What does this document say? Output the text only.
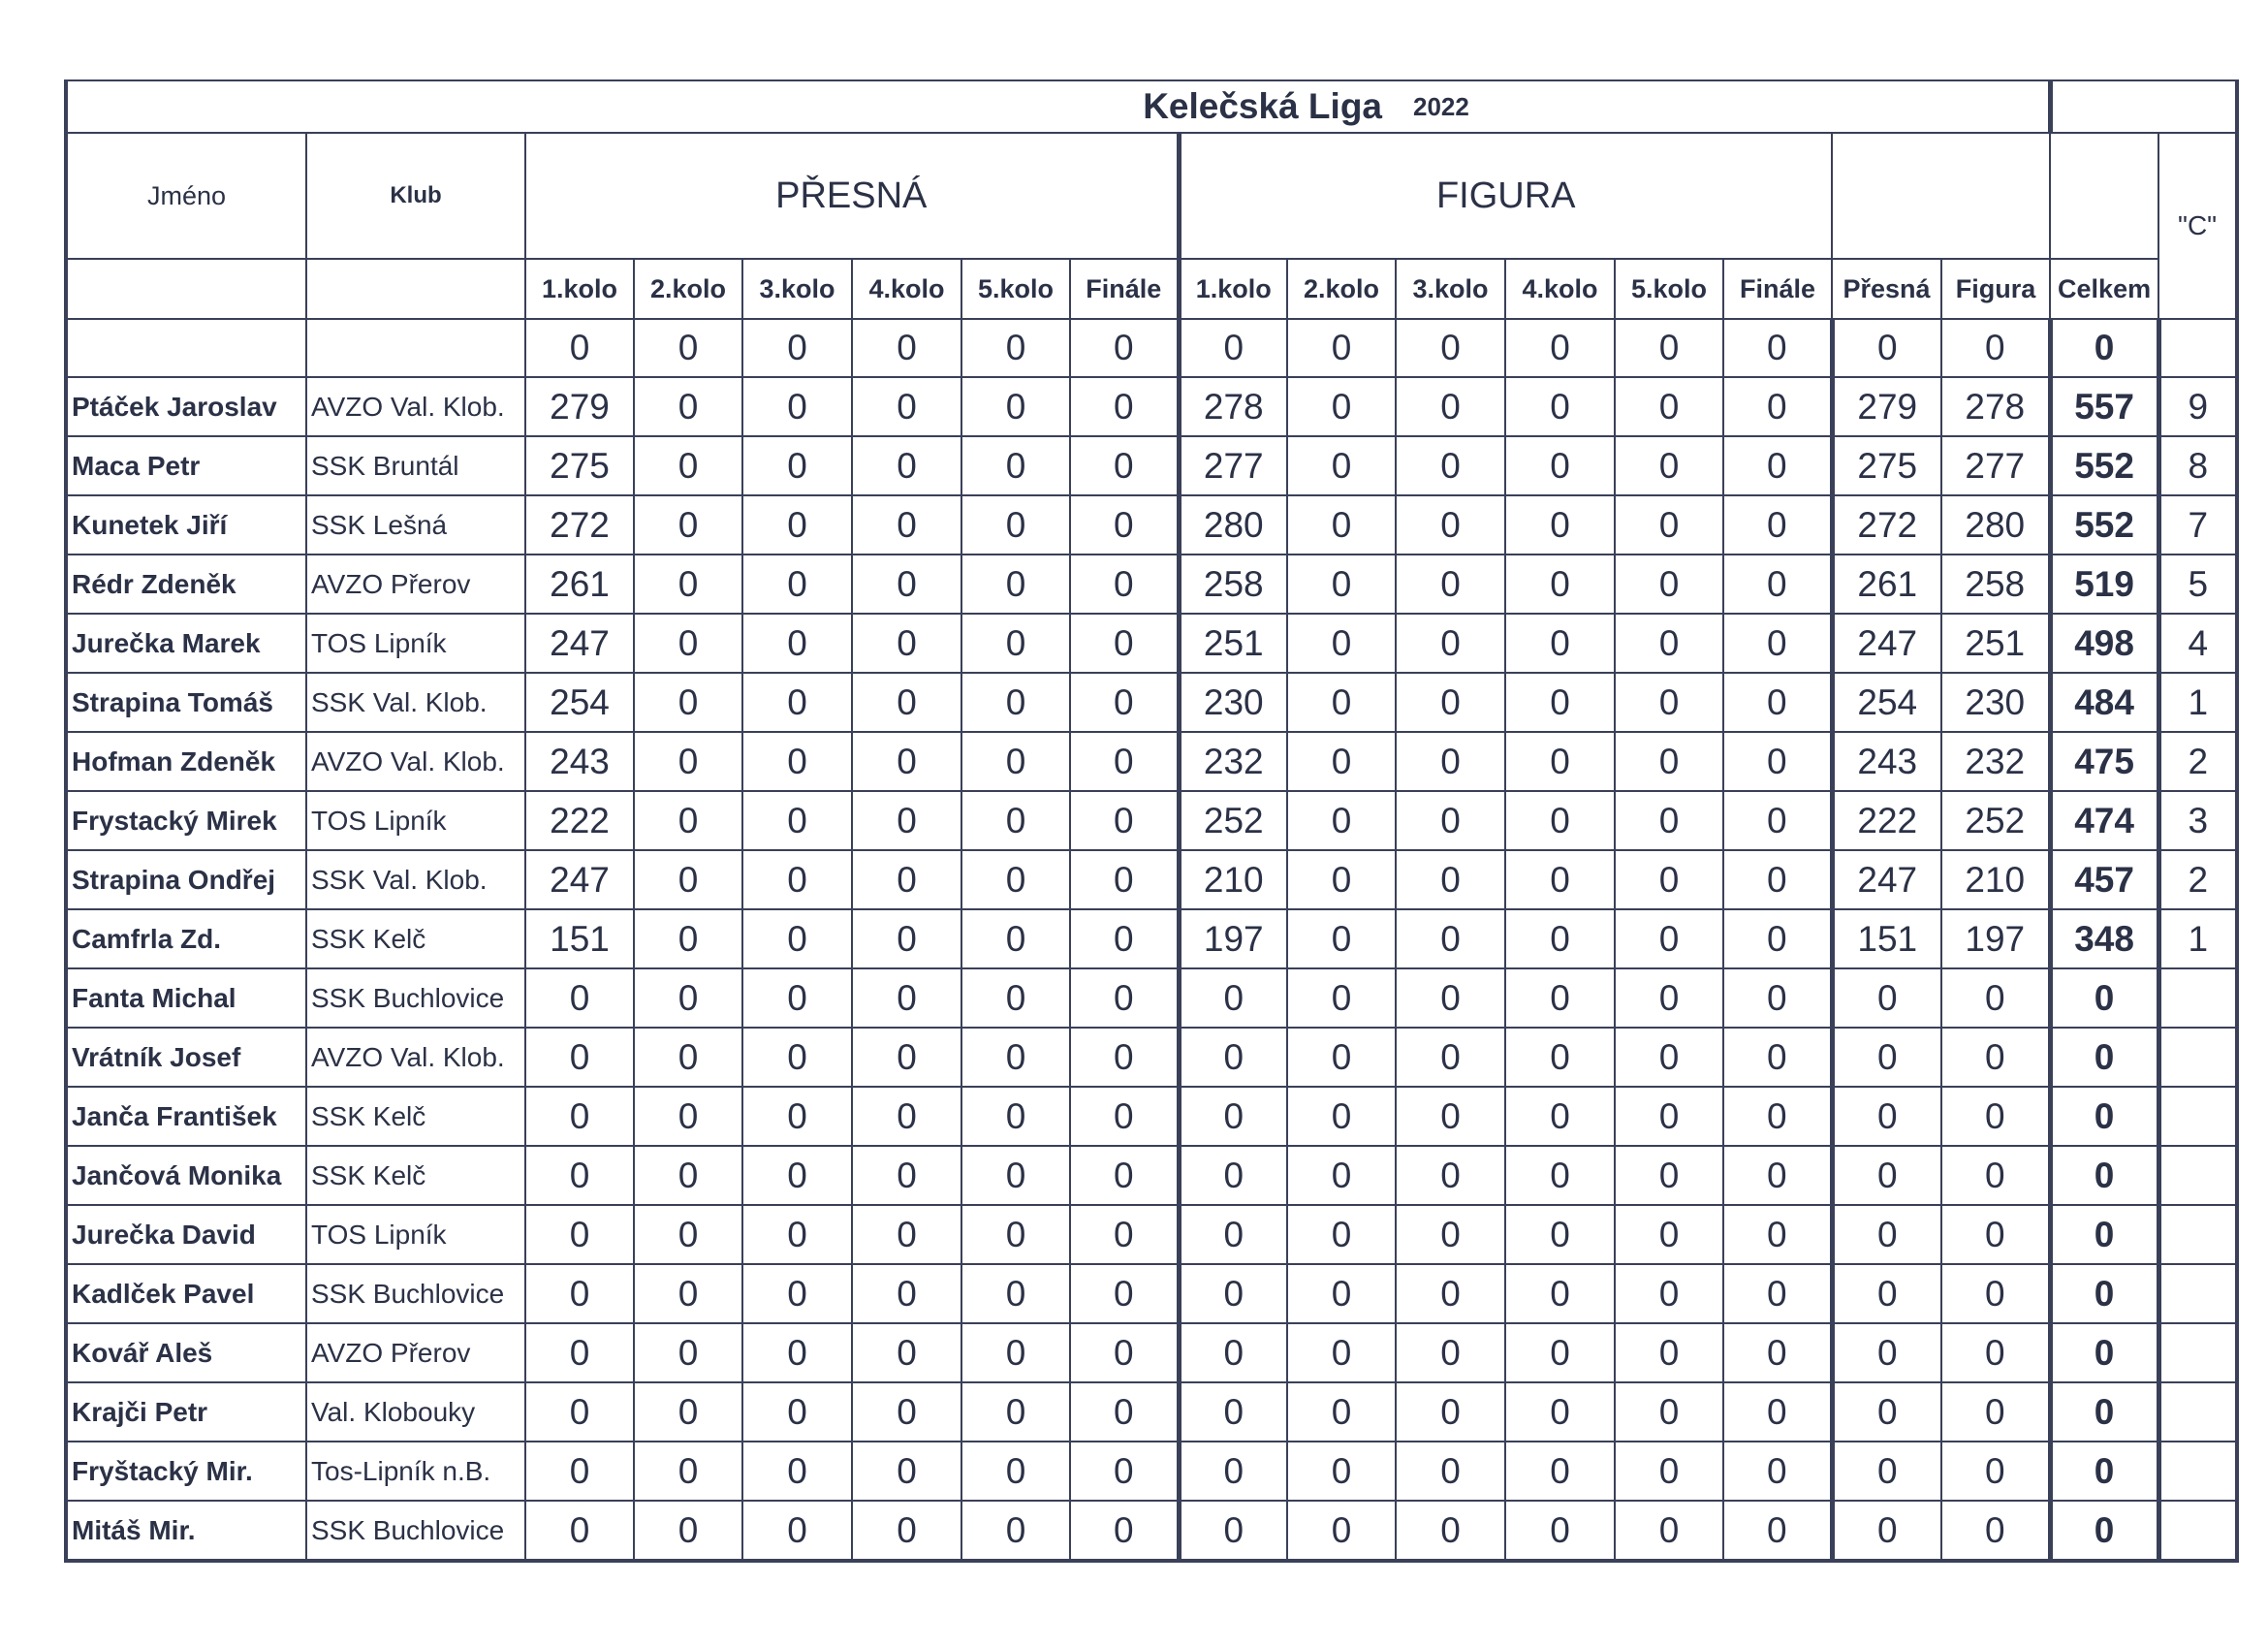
Kelečská Liga										2022							
Jméno	Klub	PŘESNÁ						FIGURA									"C"
		1.kolo	2.kolo	3.kolo	4.kolo	5.kolo	Finále	1.kolo	2.kolo	3.kolo	4.kolo	5.kolo	Finále	Přesná	Figura	Celkem	
		0	0	0	0	0	0	0	0	0	0	0	0	0	0	0	
Ptáček Jaroslav	AVZO Val. Klob.	279	0	0	0	0	0	278	0	0	0	0	0	279	278	557	9
Maca Petr	SSK Bruntál	275	0	0	0	0	0	277	0	0	0	0	0	275	277	552	8
Kunetek Jiří	SSK Lešná	272	0	0	0	0	0	280	0	0	0	0	0	272	280	552	7
Rédr Zdeněk	AVZO Přerov	261	0	0	0	0	0	258	0	0	0	0	0	261	258	519	5
Jurečka Marek	TOS Lipník	247	0	0	0	0	0	251	0	0	0	0	0	247	251	498	4
Strapina Tomáš	SSK Val. Klob.	254	0	0	0	0	0	230	0	0	0	0	0	254	230	484	1
Hofman Zdeněk	AVZO Val. Klob.	243	0	0	0	0	0	232	0	0	0	0	0	243	232	475	2
Frystacký Mirek	TOS Lipník	222	0	0	0	0	0	252	0	0	0	0	0	222	252	474	3
Strapina Ondřej	SSK Val. Klob.	247	0	0	0	0	0	210	0	0	0	0	0	247	210	457	2
Camfrla Zd.	SSK Kelč	151	0	0	0	0	0	197	0	0	0	0	0	151	197	348	1
Fanta Michal	SSK Buchlovice	0	0	0	0	0	0	0	0	0	0	0	0	0	0	0	
Vrátník Josef	AVZO Val. Klob.	0	0	0	0	0	0	0	0	0	0	0	0	0	0	0	
Janča František	SSK Kelč	0	0	0	0	0	0	0	0	0	0	0	0	0	0	0	
Jančová Monika	SSK Kelč	0	0	0	0	0	0	0	0	0	0	0	0	0	0	0	
Jurečka David	TOS Lipník	0	0	0	0	0	0	0	0	0	0	0	0	0	0	0	
Kadlček Pavel	SSK Buchlovice	0	0	0	0	0	0	0	0	0	0	0	0	0	0	0	
Kovář Aleš	AVZO Přerov	0	0	0	0	0	0	0	0	0	0	0	0	0	0	0	
Krajči Petr	Val. Klobouky	0	0	0	0	0	0	0	0	0	0	0	0	0	0	0	
Fryštacký Mir.	Tos-Lipník n.B.	0	0	0	0	0	0	0	0	0	0	0	0	0	0	0	
Mitáš Mir.	SSK Buchlovice	0	0	0	0	0	0	0	0	0	0	0	0	0	0	0	
